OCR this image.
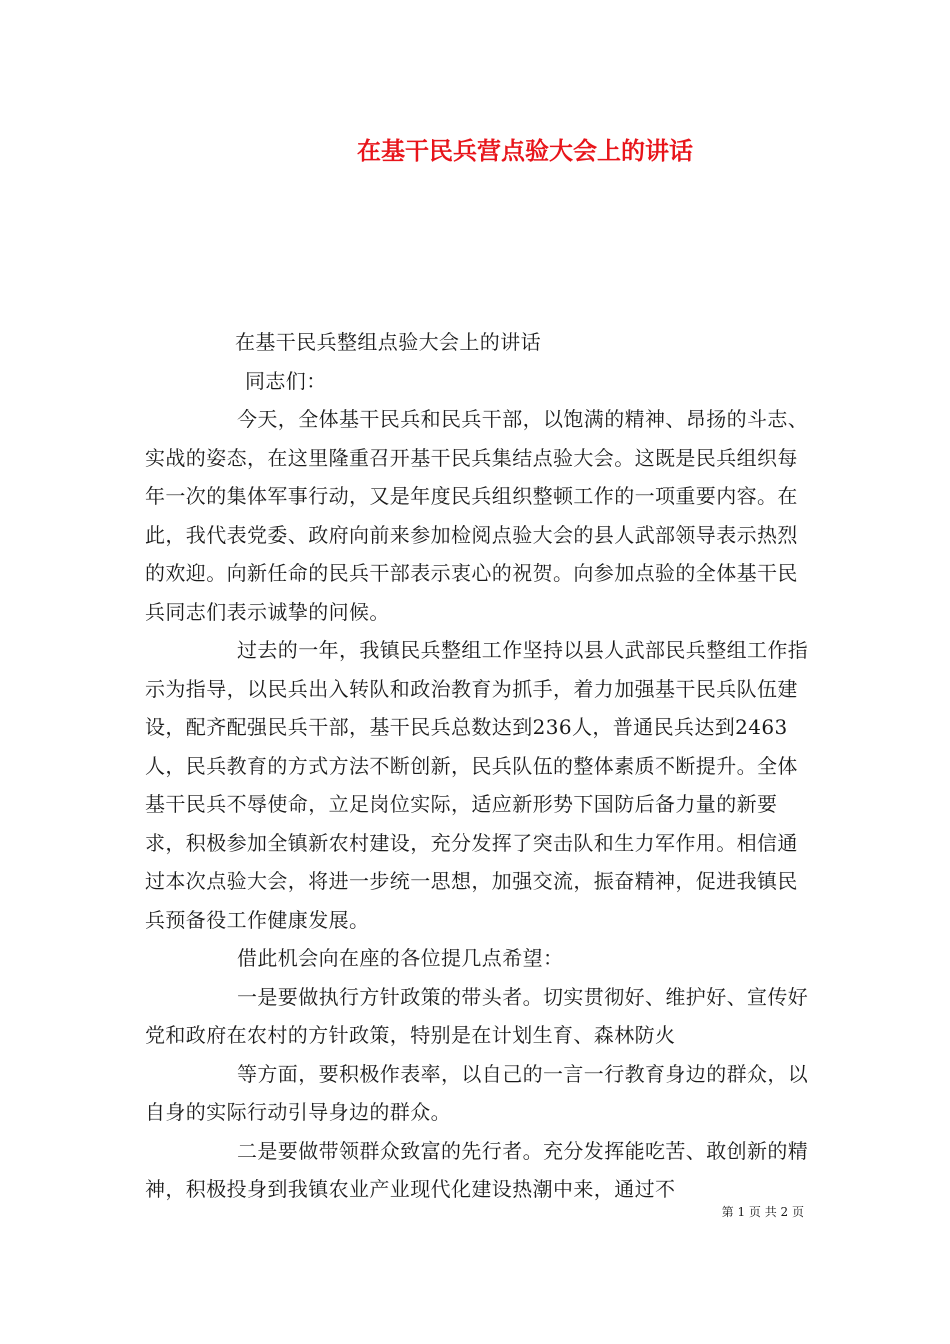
在基干民兵营点验大会上的讲话

在基干民兵整组点验大会上的讲话

同志们：

今天，全体基干民兵和民兵干部，以饱满的精神、昂扬的斗志、实战的姿态，在这里隆重召开基干民兵集结点验大会。这既是民兵组织每年一次的集体军事行动，又是年度民兵组织整顿工作的一项重要内容。在此，我代表党委、政府向前来参加检阅点验大会的县人武部领导表示热烈的欢迎。向新任命的民兵干部表示衷心的祝贺。向参加点验的全体基干民兵同志们表示诚挚的问候。

过去的一年，我镇民兵整组工作坚持以县人武部民兵整组工作指示为指导，以民兵出入转队和政治教育为抓手，着力加强基干民兵队伍建设，配齐配强民兵干部，基干民兵总数达到236人，普通民兵达到2463人，民兵教育的方式方法不断创新，民兵队伍的整体素质不断提升。全体基干民兵不辱使命，立足岗位实际，适应新形势下国防后备力量的新要求，积极参加全镇新农村建设，充分发挥了突击队和生力军作用。相信通过本次点验大会，将进一步统一思想，加强交流，振奋精神，促进我镇民兵预备役工作健康发展。

借此机会向在座的各位提几点希望：

一是要做执行方针政策的带头者。切实贯彻好、维护好、宣传好党和政府在农村的方针政策，特别是在计划生育、森林防火

等方面，要积极作表率，以自己的一言一行教育身边的群众，以自身的实际行动引导身边的群众。

二是要做带领群众致富的先行者。充分发挥能吃苦、敢创新的精神，积极投身到我镇农业产业现代化建设热潮中来，通过不

第 1 页 共 2 页
